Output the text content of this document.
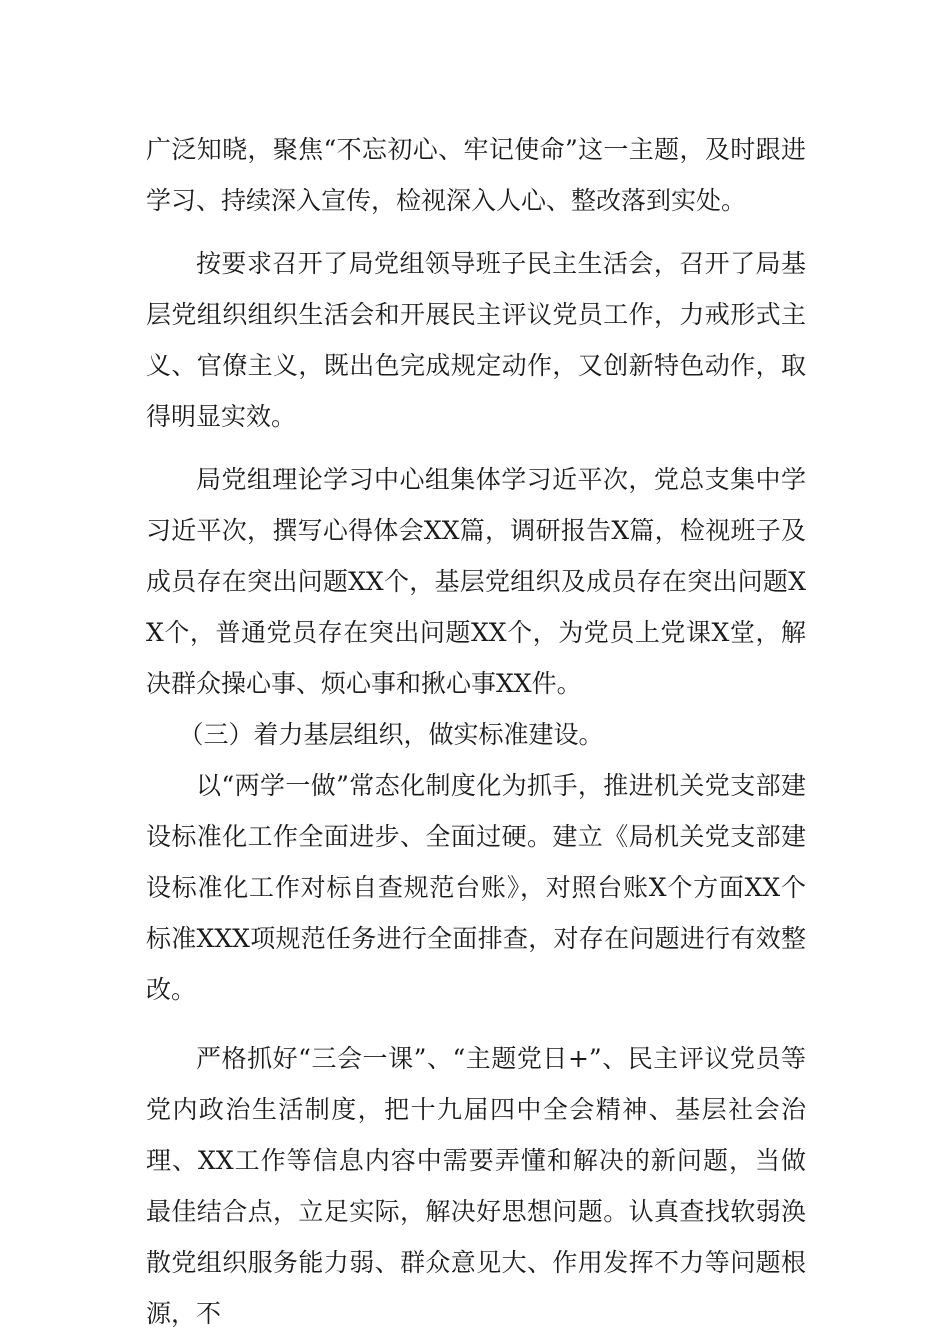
广泛知晓，聚焦“不忘初心、牢记使命”这一主题，及时跟进学习、持续深入宣传，检视深入人心、整改落到实处。

按要求召开了局党组领导班子民主生活会，召开了局基层党组织组织生活会和开展民主评议党员工作，力戒形式主义、官僚主义，既出色完成规定动作，又创新特色动作，取得明显实效。

局党组理论学习中心组集体学习近平次，党总支集中学习近平次，撰写心得体会XX篇，调研报告X篇，检视班子及成员存在突出问题XX个，基层党组织及成员存在突出问题XX个，普通党员存在突出问题XX个，为党员上党课X堂，解决群众操心事、烦心事和揪心事XX件。

（三）着力基层组织，做实标准建设。

以“两学一做”常态化制度化为抓手，推进机关党支部建设标准化工作全面进步、全面过硬。建立《局机关党支部建设标准化工作对标自查规范台账》，对照台账X个方面XX个标准XXX项规范任务进行全面排查，对存在问题进行有效整改。

严格抓好“三会一课”、“主题党日+”、民主评议党员等党内政治生活制度，把十九届四中全会精神、基层社会治理、XX工作等信息内容中需要弄懂和解决的新问题，当做最佳结合点，立足实际，解决好思想问题。认真查找软弱涣散党组织服务能力弱、群众意见大、作用发挥不力等问题根源，不
